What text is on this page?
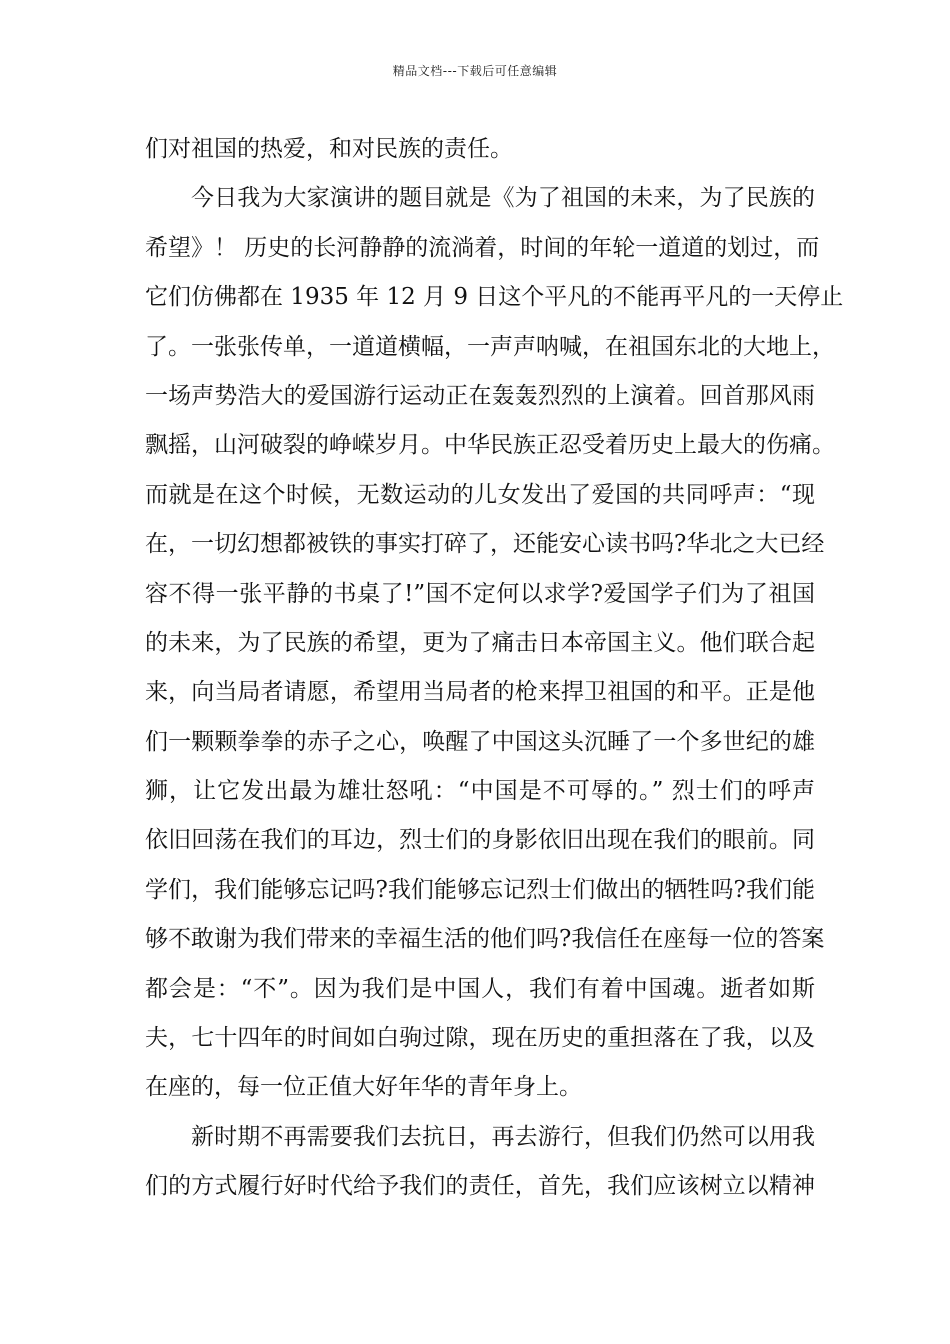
精品文档---下载后可任意编辑
们对祖国的热爱，和对民族的责任。
今日我为大家演讲的题目就是《为了祖国的未来，为了民族的
希望》！ 历史的长河静静的流淌着，时间的年轮一道道的划过，而
它们仿佛都在 1935 年 12 月 9 日这个平凡的不能再平凡的一天停止
了。一张张传单，一道道横幅，一声声呐喊，在祖国东北的大地上，
一场声势浩大的爱国游行运动正在轰轰烈烈的上演着。回首那风雨
飘摇，山河破裂的峥嵘岁月。中华民族正忍受着历史上最大的伤痛。
而就是在这个时候，无数运动的儿女发出了爱国的共同呼声：“现
在，一切幻想都被铁的事实打碎了，还能安心读书吗?华北之大已经
容不得一张平静的书桌了!”国不定何以求学?爱国学子们为了祖国
的未来，为了民族的希望，更为了痛击日本帝国主义。他们联合起
来，向当局者请愿，希望用当局者的枪来捍卫祖国的和平。正是他
们一颗颗拳拳的赤子之心，唤醒了中国这头沉睡了一个多世纪的雄
狮，让它发出最为雄壮怒吼：“中国是不可辱的。” 烈士们的呼声
依旧回荡在我们的耳边，烈士们的身影依旧出现在我们的眼前。同
学们，我们能够忘记吗?我们能够忘记烈士们做出的牺牲吗?我们能
够不敢谢为我们带来的幸福生活的他们吗?我信任在座每一位的答案
都会是：“不”。因为我们是中国人，我们有着中国魂。逝者如斯
夫，七十四年的时间如白驹过隙，现在历史的重担落在了我，以及
在座的，每一位正值大好年华的青年身上。
新时期不再需要我们去抗日，再去游行，但我们仍然可以用我
们的方式履行好时代给予我们的责任，首先，我们应该树立以精神
